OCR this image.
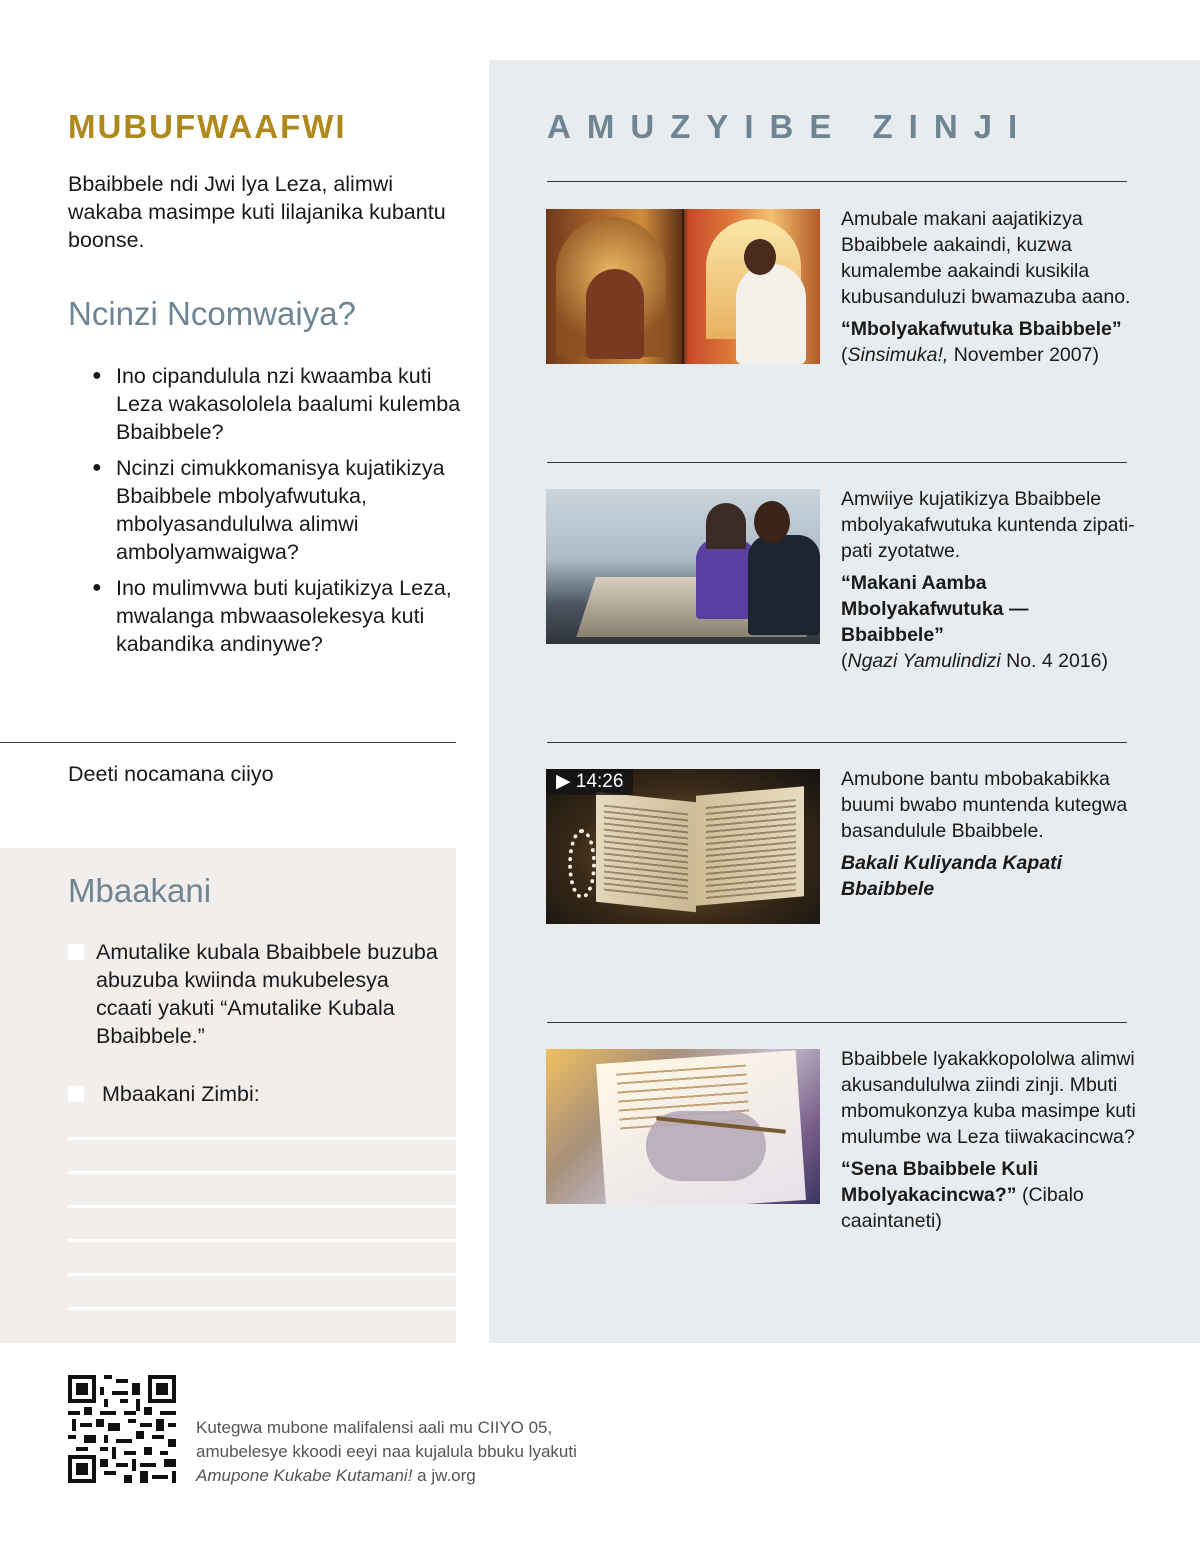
MUBUFWAAFWI

Bbaibbele ndi Jwi lya Leza, alimwi wakaba masimpe kuti lilajanika kubantu boonse.

Ncinzi Ncomwaiya?
● Ino cipandulula nzi kwaamba kuti Leza wakasololela baalumi kulemba Bbaibbele?
● Ncinzi cimukkomanisya kujatikizya Bbaibbele mbolyafwutuka, mbolyasandululwa alimwi ambolyamwaigwa?
● Ino mulimvwa buti kujatikizya Leza, mwalanga mbwaasolekesya kuti kabandika andinywe?
Deeti nocamana ciiyo
Mbaakani
Amutalike kubala Bbaibbele buzuba abuzuba kwiinda mukubelesya ccaati yakuti “Amutalike Kubala Bbaibbele.”
Mbaakani Zimbi:
AMUZYIBE ZINJI
Amubale makani aajatikizya Bbaibbele aakaindi, kuzwa kumalembe aakaindi kusikila kubusanduluzi bwamazuba aano.
“Mbolyakafwutuka Bbaibbele”
(Sinsimuka!, November 2007)
Amwiiye kujatikizya Bbaibbele mbolyakafwutuka kuntenda zipati-pati zyotatwe.
“Makani Aamba Mbolyakafwutuka —Bbaibbele”
(Ngazi Yamulindizi No. 4 2016)
▶ 14:26	Amubone bantu mbobakabikka buumi bwabo muntenda kutegwa basandulule Bbaibbele.
Bakali Kuliyanda Kapati Bbaibbele
Bbaibbele lyakakkopololwa alimwi akusandululwa ziindi zinji. Mbuti mbomukonzya kuba masimpe kuti mulumbe wa Leza tiiwakacincwa?
“Sena Bbaibbele Kuli Mbolyakacincwa?” (Cibalo caaintaneti)
Kutegwa mubone malifalensi aali mu CIIYO 05,
amubelesye kkoodi eeyi naa kujalula bbuku lyakuti
Amupone Kukabe Kutamani! a jw.org
